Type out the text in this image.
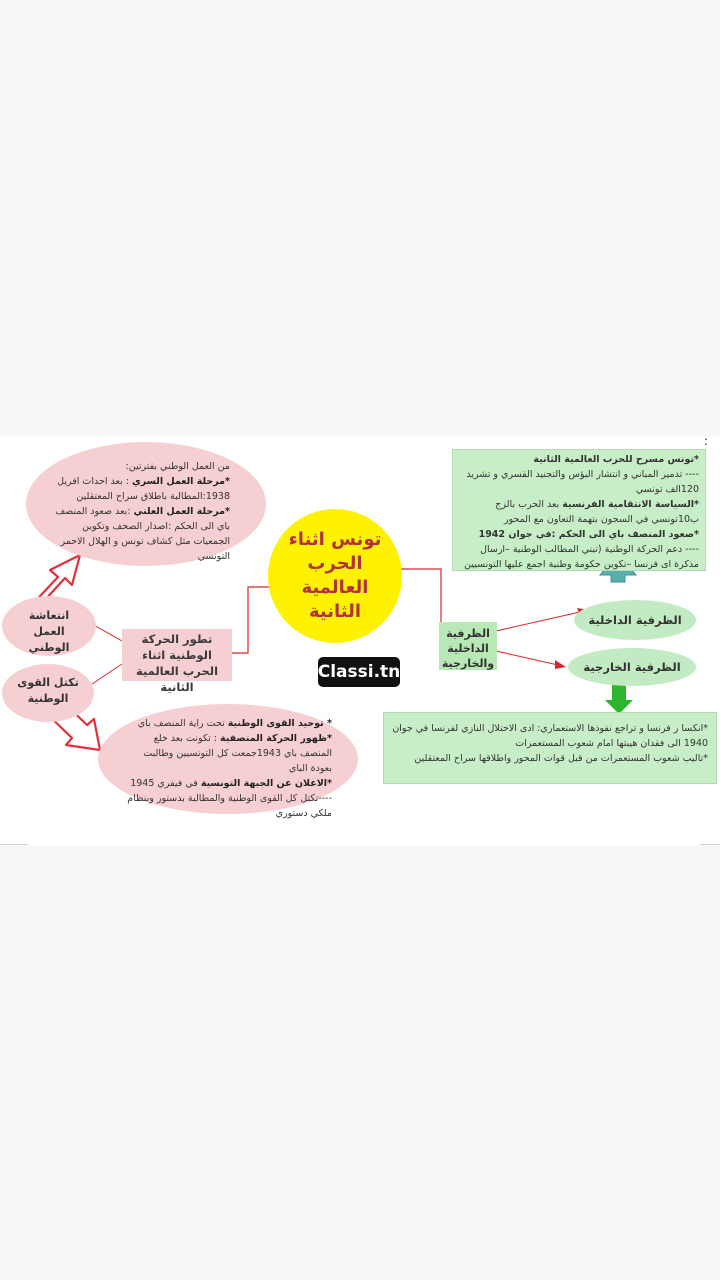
:

من العمل الوطني بفترتين:

*مرحلة العمل السري : بعد احداث افريل 1938:المطالبة باطلاق سراح المعتقلين

*مرحلة العمل العلني :بعد صعود المنصف باي الى الحكم :اصدار الصحف وتكوين الجمعيات مثل كشاف تونس و الهلال الاحمر التونسي

انتعاشة العمل الوطني
تكتل القوى الوطنية
تطور الحركة الوطنية اثناء الحرب العالمية الثانية
تونس اثناء الحرب العالمية الثانية

* توحيد القوى الوطنية تحت راية المنصف باي

*ظهور الحركة المنصفية : تكونت بعد خلع المنصف باي 1943جمعت كل التونسيين وطالبت بعودة الباي

*الاعلان عن الجبهة التونسية في فيفري 1945

----تكتل كل القوى الوطنية والمطالبة بدستور وبنظام ملكي دستوري

Classi.tn

*تونس مسرح للحرب العالمية الثانية

---- تدمير المباني و انتشار البؤس والتجنيد القسري و تشريد 120الف تونسي

*السياسة الانتقامية الفرنسية بعد الحرب بالزج ب10تونسي في السجون بتهمة التعاون مع المحور

*صعود المنصف باي الى الحكم :في جوان 1942

---- دعم الحركة الوطنية (تبني المطالب الوطنية –ارسال مذكرة اى فرنسا –تكوين حكومة وطنية اجمع عليها التونسيين

الظرفية الداخلية والخارجية
الظرفية الداخلية
الظرفية الخارجية

*انكسا ر فرنسا و تراجع نفوذها الاستعماري: ادى الاحتلال النازي لفرنسا في جوان 1940 الى فقدان هيبتها امام شعوب المستعمرات

*تاليب شعوب المستعمرات من قبل قوات المحور واطلاقها سراح المعتقلين
